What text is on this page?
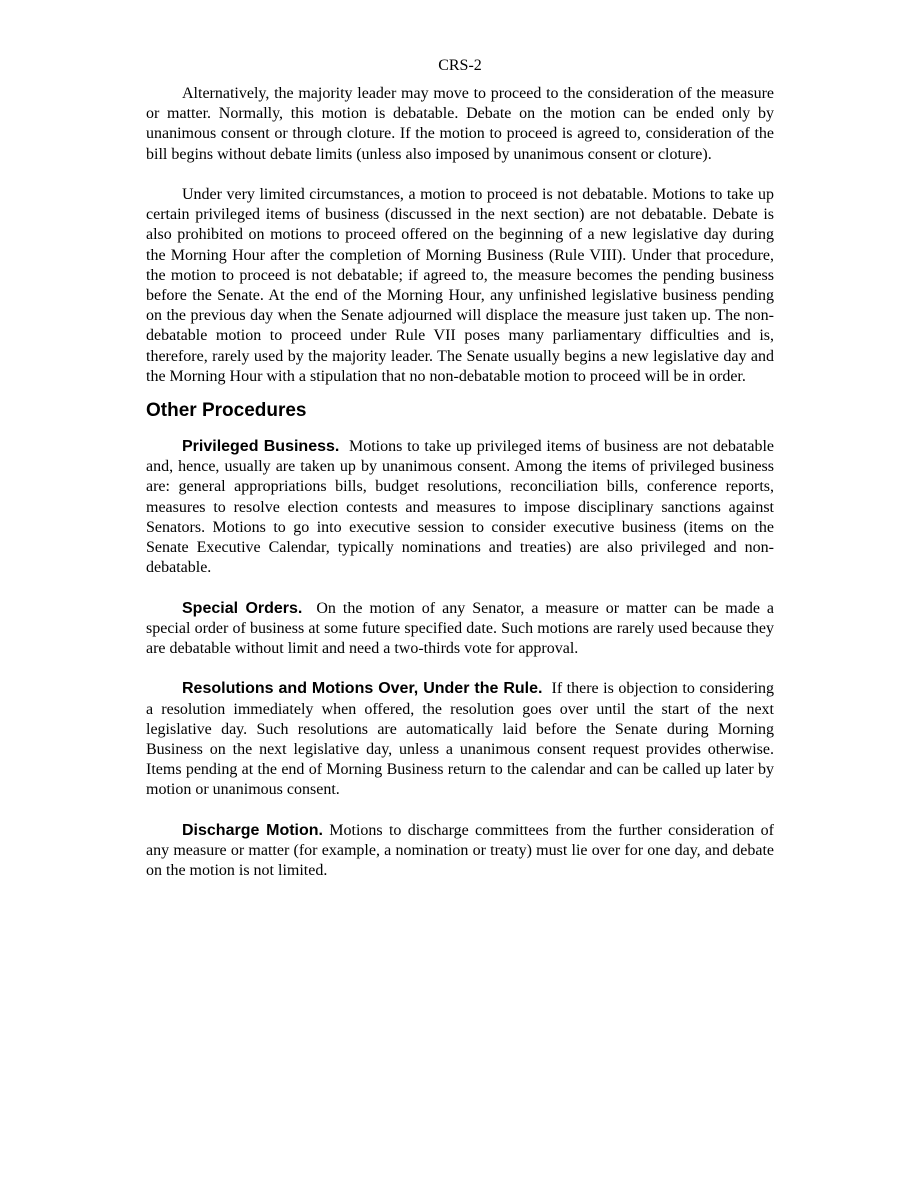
CRS-2

Alternatively, the majority leader may move to proceed to the consideration of the measure or matter. Normally, this motion is debatable. Debate on the motion can be ended only by unanimous consent or through cloture. If the motion to proceed is agreed to, consideration of the bill begins without debate limits (unless also imposed by unanimous consent or cloture).

Under very limited circumstances, a motion to proceed is not debatable. Motions to take up certain privileged items of business (discussed in the next section) are not debatable. Debate is also prohibited on motions to proceed offered on the beginning of a new legislative day during the Morning Hour after the completion of Morning Business (Rule VIII). Under that procedure, the motion to proceed is not debatable; if agreed to, the measure becomes the pending business before the Senate. At the end of the Morning Hour, any unfinished legislative business pending on the previous day when the Senate adjourned will displace the measure just taken up. The non-debatable motion to proceed under Rule VII poses many parliamentary difficulties and is, therefore, rarely used by the majority leader. The Senate usually begins a new legislative day and the Morning Hour with a stipulation that no non-debatable motion to proceed will be in order.

Other Procedures

Privileged Business. Motions to take up privileged items of business are not debatable and, hence, usually are taken up by unanimous consent. Among the items of privileged business are: general appropriations bills, budget resolutions, reconciliation bills, conference reports, measures to resolve election contests and measures to impose disciplinary sanctions against Senators. Motions to go into executive session to consider executive business (items on the Senate Executive Calendar, typically nominations and treaties) are also privileged and non-debatable.

Special Orders. On the motion of any Senator, a measure or matter can be made a special order of business at some future specified date. Such motions are rarely used because they are debatable without limit and need a two-thirds vote for approval.

Resolutions and Motions Over, Under the Rule. If there is objection to considering a resolution immediately when offered, the resolution goes over until the start of the next legislative day. Such resolutions are automatically laid before the Senate during Morning Business on the next legislative day, unless a unanimous consent request provides otherwise. Items pending at the end of Morning Business return to the calendar and can be called up later by motion or unanimous consent.

Discharge Motion. Motions to discharge committees from the further consideration of any measure or matter (for example, a nomination or treaty) must lie over for one day, and debate on the motion is not limited.
